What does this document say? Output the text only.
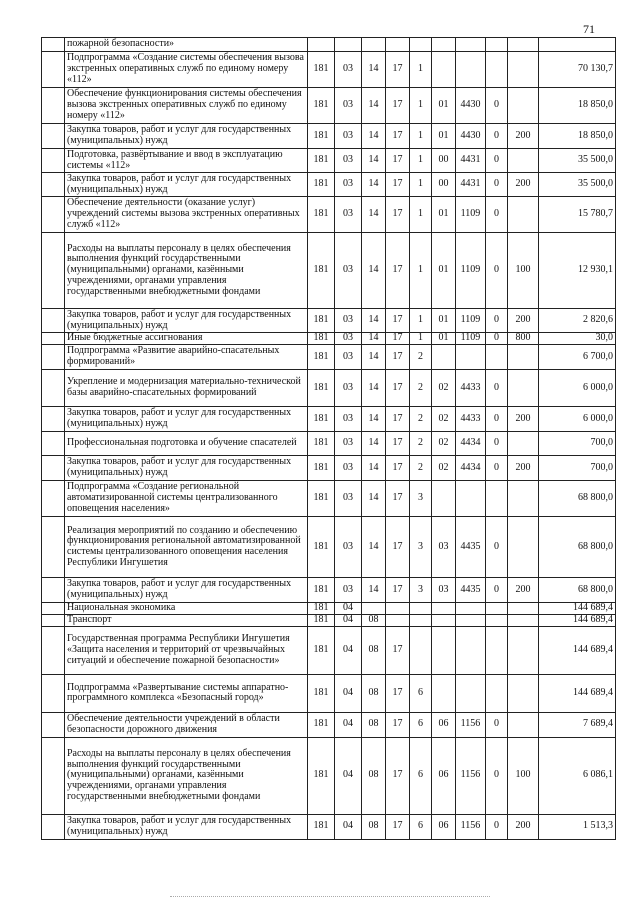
71
	пожарной безопасности»										
	Подпрограмма «Создание системы обеспечения вызова экстренных оперативных служб по единому номеру «112»	181	03	14	17	1					70 130,7
	Обеспечение функционирования системы обеспечения вызова экстренных оперативных служб по единому номеру «112»	181	03	14	17	1	01	4430	0		18 850,0
	Закупка товаров, работ и услуг для государственных (муниципальных) нужд	181	03	14	17	1	01	4430	0	200	18 850,0
	Подготовка, развёртывание и ввод в эксплуатацию системы «112»	181	03	14	17	1	00	4431	0		35 500,0
	Закупка товаров, работ и услуг для государственных (муниципальных) нужд	181	03	14	17	1	00	4431	0	200	35 500,0
	Обеспечение деятельности (оказание услуг) учреждений системы вызова экстренных оперативных служб «112»	181	03	14	17	1	01	1109	0		15 780,7
	Расходы на выплаты персоналу в целях обеспечения выполнения функций государственными (муниципальными) органами, казёнными учреждениями, органами управления государственными внебюджетными фондами	181	03	14	17	1	01	1109	0	100	12 930,1
	Закупка товаров, работ и услуг для государственных (муниципальных) нужд	181	03	14	17	1	01	1109	0	200	2 820,6
	Иные бюджетные ассигнования	181	03	14	17	1	01	1109	0	800	30,0
	Подпрограмма «Развитие аварийно-спасательных формирований»	181	03	14	17	2					6 700,0
	Укрепление и модернизация материально-технической базы аварийно-спасательных формирований	181	03	14	17	2	02	4433	0		6 000,0
	Закупка товаров, работ и услуг для государственных (муниципальных) нужд	181	03	14	17	2	02	4433	0	200	6 000,0
	Профессиональная подготовка и обучение спасателей	181	03	14	17	2	02	4434	0		700,0
	Закупка товаров, работ и услуг для государственных (муниципальных) нужд	181	03	14	17	2	02	4434	0	200	700,0
	Подпрограмма «Создание региональной автоматизированной системы централизованного оповещения населения»	181	03	14	17	3					68 800,0
	Реализация мероприятий по созданию и обеспечению функционирования региональной автоматизированной системы централизованного оповещения населения Республики Ингушетия	181	03	14	17	3	03	4435	0		68 800,0
	Закупка товаров, работ и услуг для государственных (муниципальных) нужд	181	03	14	17	3	03	4435	0	200	68 800,0
	Национальная экономика	181	04								144 689,4
	Транспорт	181	04	08							144 689,4
	Государственная программа Республики Ингушетия «Защита населения и территорий от чрезвычайных ситуаций и обеспечение пожарной безопасности»	181	04	08	17						144 689,4
	Подпрограмма «Развертывание системы аппаратно-программного комплекса «Безопасный город»	181	04	08	17	6					144 689,4
	Обеспечение деятельности учреждений в области безопасности дорожного движения	181	04	08	17	6	06	1156	0		7 689,4
	Расходы на выплаты персоналу в целях обеспечения выполнения функций государственными (муниципальными) органами, казёнными учреждениями, органами управления государственными внебюджетными фондами	181	04	08	17	6	06	1156	0	100	6 086,1
	Закупка товаров, работ и услуг для государственных (муниципальных) нужд	181	04	08	17	6	06	1156	0	200	1 513,3
